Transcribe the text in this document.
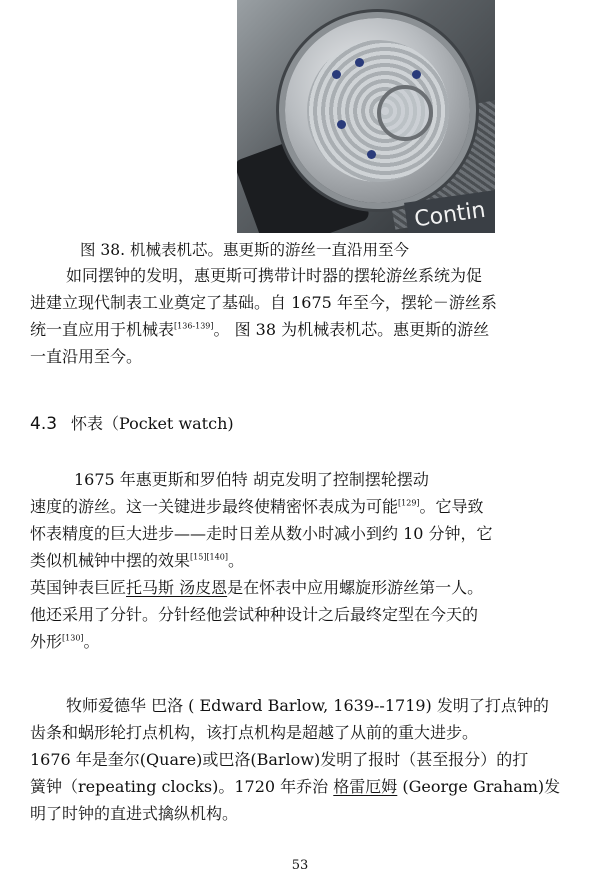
Contin
图 38. 机械表机芯。惠更斯的游丝一直沿用至今
如同摆钟的发明，惠更斯可携带计时器的摆轮游丝系统为促
进建立现代制表工业奠定了基础。自 1675 年至今，摆轮－游丝系
统一直应用于机械表[136-139]。 图 38 为机械表机芯。惠更斯的游丝
一直沿用至今。
4.3 怀表（Pocket watch)
1675 年惠更斯和罗伯特 胡克发明了控制摆轮摆动
速度的游丝。这一关键进步最终使精密怀表成为可能[129]。它导致
怀表精度的巨大进步——走时日差从数小时减小到约 10 分钟，它
类似机械钟中摆的效果[15][140]。
英国钟表巨匠托马斯 汤皮恩是在怀表中应用螺旋形游丝第一人。
他还采用了分针。分针经他尝试种种设计之后最终定型在今天的
外形[130]。
牧师爱德华 巴洛 ( Edward Barlow, 1639--1719) 发明了打点钟的
齿条和蜗形轮打点机构，该打点机构是超越了从前的重大进步。
1676 年是奎尔(Quare)或巴洛(Barlow)发明了报时（甚至报分）的打
簧钟（repeating clocks)。1720 年乔治 格雷厄姆 (George Graham)发
明了时钟的直进式擒纵机构。
53
